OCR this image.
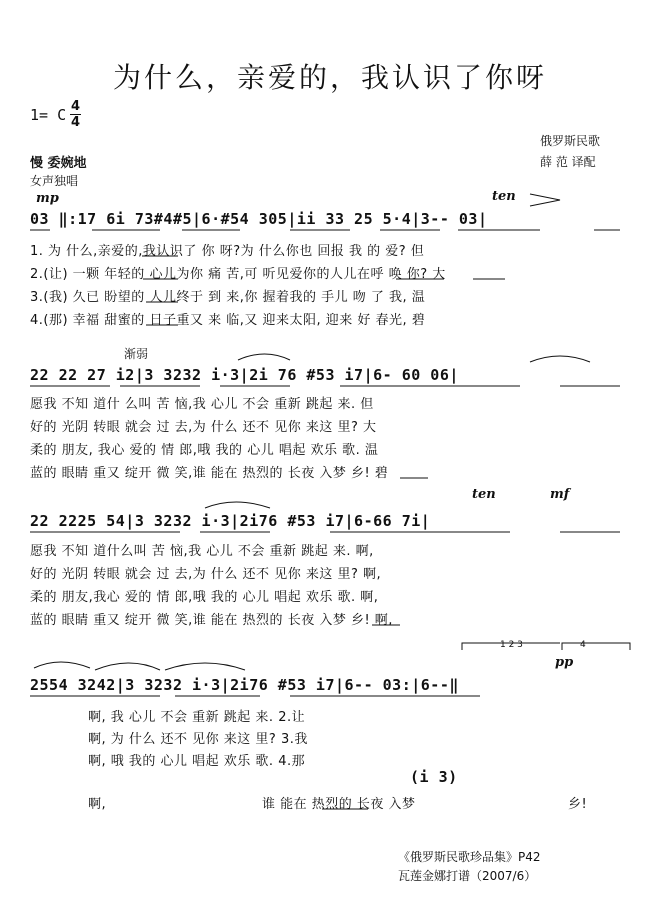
为什么，亲爱的，我认识了你呀
1= C 4
4
俄罗斯民歌
薛 范 译配
慢 委婉地
女声独唱
mp	ten
渐弱
ten	mf
pp
1 2 3	4
03 ‖:17 6i 73#4#5|6·#54 305|ii 33 25 5·4|3-- 03|
1. 为 什么,亲爱的,我认识了 你 呀?为 什么你也 回报 我 的 爱? 但
2.(让) 一颗 年轻的 心儿为你 痛 苦,可 听见爱你的人儿在呼 唤 你? 大
3.(我) 久已 盼望的 人儿终于 到 来,你 握着我的 手儿 吻 了 我, 温
4.(那) 幸福 甜蜜的 日子重又 来 临,又 迎来太阳, 迎来 好 春光, 碧
22 22 27 i2|3 3232 i·3|2i 76 #53 i7|6- 60 06|
愿我 不知 道什 么叫 苦 恼,我 心儿 不会 重新 跳起 来. 但
好的 光阴 转眼 就会 过 去,为 什么 还不 见你 来这 里? 大
柔的 朋友, 我心 爱的 情 郎,哦 我的 心儿 唱起 欢乐 歌. 温
蓝的 眼睛 重又 绽开 微 笑,谁 能在 热烈的 长夜 入梦 乡! 碧
22 2225 54|3 3232 i·3|2i76 #53 i7|6-66 7i|
愿我 不知 道什么叫 苦 恼,我 心儿 不会 重新 跳起 来. 啊,
好的 光阴 转眼 就会 过 去,为 什么 还不 见你 来这 里? 啊,
柔的 朋友,我心 爱的 情 郎,哦 我的 心儿 唱起 欢乐 歌. 啊,
蓝的 眼睛 重又 绽开 微 笑,谁 能在 热烈的 长夜 入梦 乡! 啊,
2554 3242|3 3232 i·3|2i76 #53 i7|6-- 03:|6--‖
啊, 我 心儿 不会 重新 跳起 来. 2.让
啊, 为 什么 还不 见你 来这 里? 3.我
啊, 哦 我的 心儿 唱起 欢乐 歌. 4.那
(i 3)
啊,	谁 能在 热烈的 长夜 入梦	乡!
《俄罗斯民歌珍品集》P42
瓦莲金娜打谱（2007/6）
